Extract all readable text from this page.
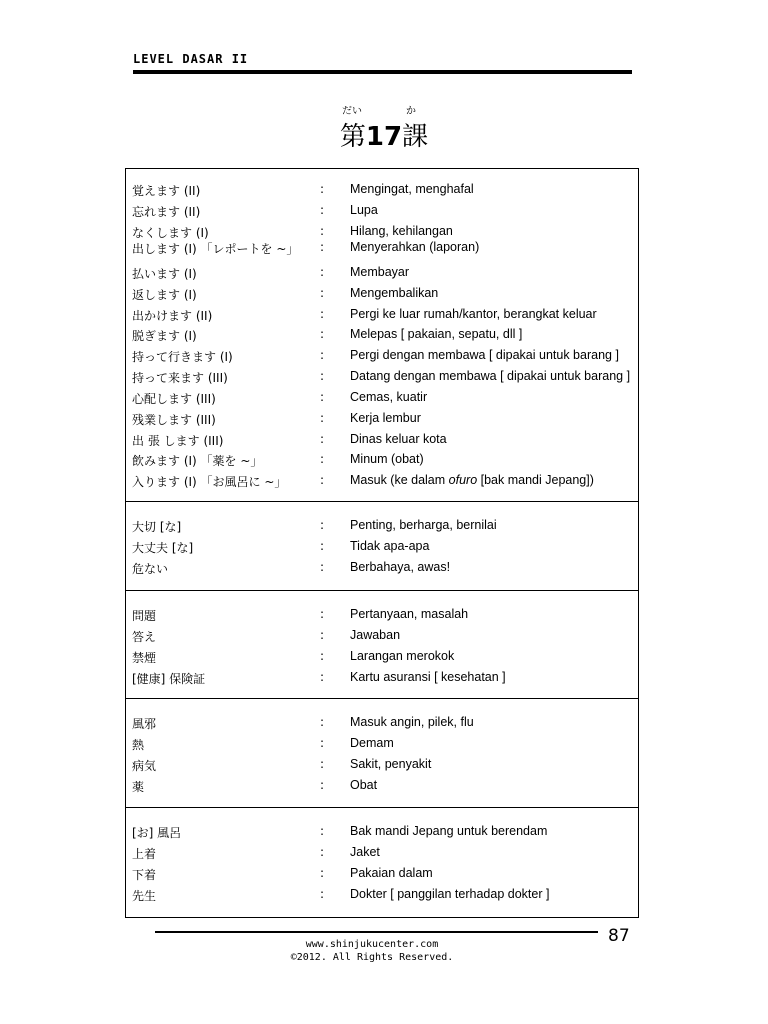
LEVEL DASAR II
だい	か
第17課
覚えます (II)	: Mengingat, menghafal
忘れます (II)	: Lupa
なくします (I)	: Hilang, kehilangan
出します (I) 「レポートを ~」 : Menyerahkan (laporan)
払います (I)	: Membayar
返します (I)	: Mengembalikan
出かけます (II)	: Pergi ke luar rumah/kantor, berangkat keluar
脱ぎます (I)	: Melepas [ pakaian, sepatu, dll ]
持って行きます (I)	: Pergi dengan membawa [ dipakai untuk barang ]
持って来ます (III)	: Datang dengan membawa [ dipakai untuk barang ]
心配します (III)	: Cemas, kuatir
残業します (III)	: Kerja lembur
出 張 します (III)	: Dinas keluar kota
飲みます (I) 「薬を ~」	: Minum (obat)
入ります (I) 「お風呂に ~」	: Masuk (ke dalam ofuro [bak mandi Jepang])
大切 [な]	: Penting, berharga, bernilai
大丈夫 [な]	: Tidak apa-apa
危ない	: Berbahaya, awas!
問題	: Pertanyaan, masalah
答え	: Jawaban
禁煙	: Larangan merokok
[健康] 保険証	: Kartu asuransi [ kesehatan ]
風邪	: Masuk angin, pilek, flu
熱	: Demam
病気	: Sakit, penyakit
薬	: Obat
[お] 風呂	: Bak mandi Jepang untuk berendam
上着	: Jaket
下着	: Pakaian dalam
先生	: Dokter [ panggilan terhadap dokter ]
87
www.shinjukucenter.com
©2012. All Rights Reserved.
